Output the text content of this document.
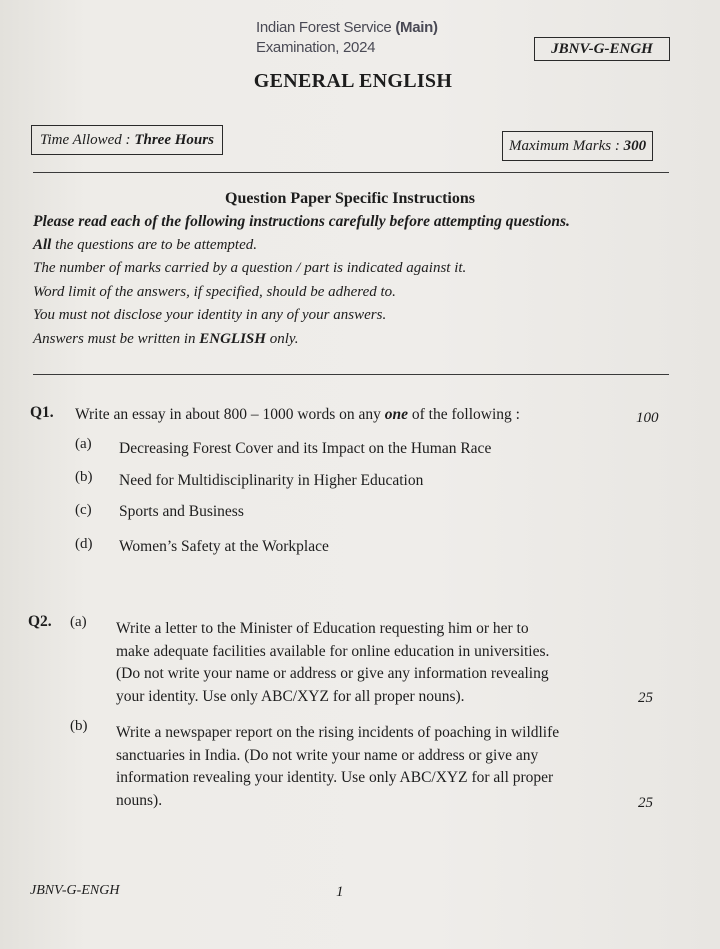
Indian Forest Service (Main)
Examination, 2024	JBNV-G-ENGH
GENERAL ENGLISH
Time Allowed : Three Hours	Maximum Marks : 300
Question Paper Specific Instructions
Please read each of the following instructions carefully before attempting questions.
All the questions are to be attempted.
The number of marks carried by a question / part is indicated against it.
Word limit of the answers, if specified, should be adhered to.
You must not disclose your identity in any of your answers.
Answers must be written in ENGLISH only.
Q1. Write an essay in about 800 – 1000 words on any one of the following :	100
(a) Decreasing Forest Cover and its Impact on the Human Race
(b) Need for Multidisciplinarity in Higher Education
(c) Sports and Business
(d) Women’s Safety at the Workplace
Q2. (a) Write a letter to the Minister of Education requesting him or her to
make adequate facilities available for online education in universities.
(Do not write your name or address or give any information revealing
your identity. Use only ABC/XYZ for all proper nouns).	25
(b) Write a newspaper report on the rising incidents of poaching in wildlife
sanctuaries in India. (Do not write your name or address or give any
information revealing your identity. Use only ABC/XYZ for all proper
nouns).	25
JBNV-G-ENGH	1
